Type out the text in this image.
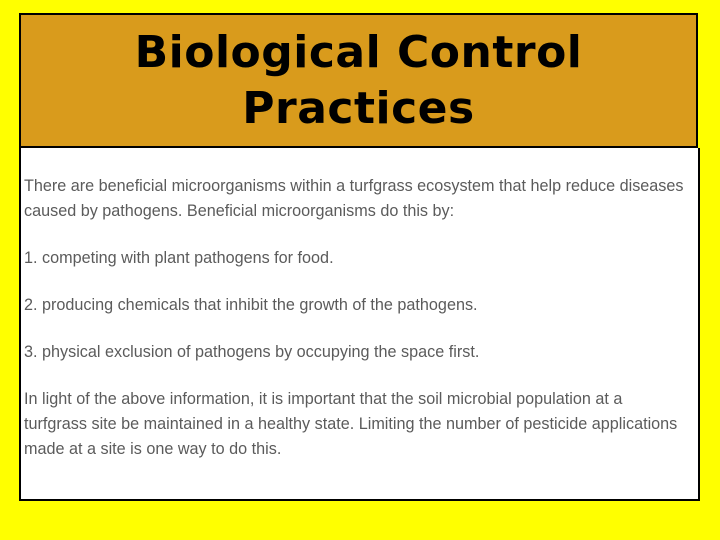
Biological Control
Practices

There are beneficial microorganisms within a turfgrass ecosystem that help reduce diseases caused by pathogens. Beneficial microorganisms do this by:

1. competing with plant pathogens for food.

2. producing chemicals that inhibit the growth of the pathogens.

3. physical exclusion of pathogens by occupying the space first.

In light of the above information, it is important that the soil microbial population at a turfgrass site be maintained in a healthy state. Limiting the number of pesticide applications made at a site is one way to do this.
